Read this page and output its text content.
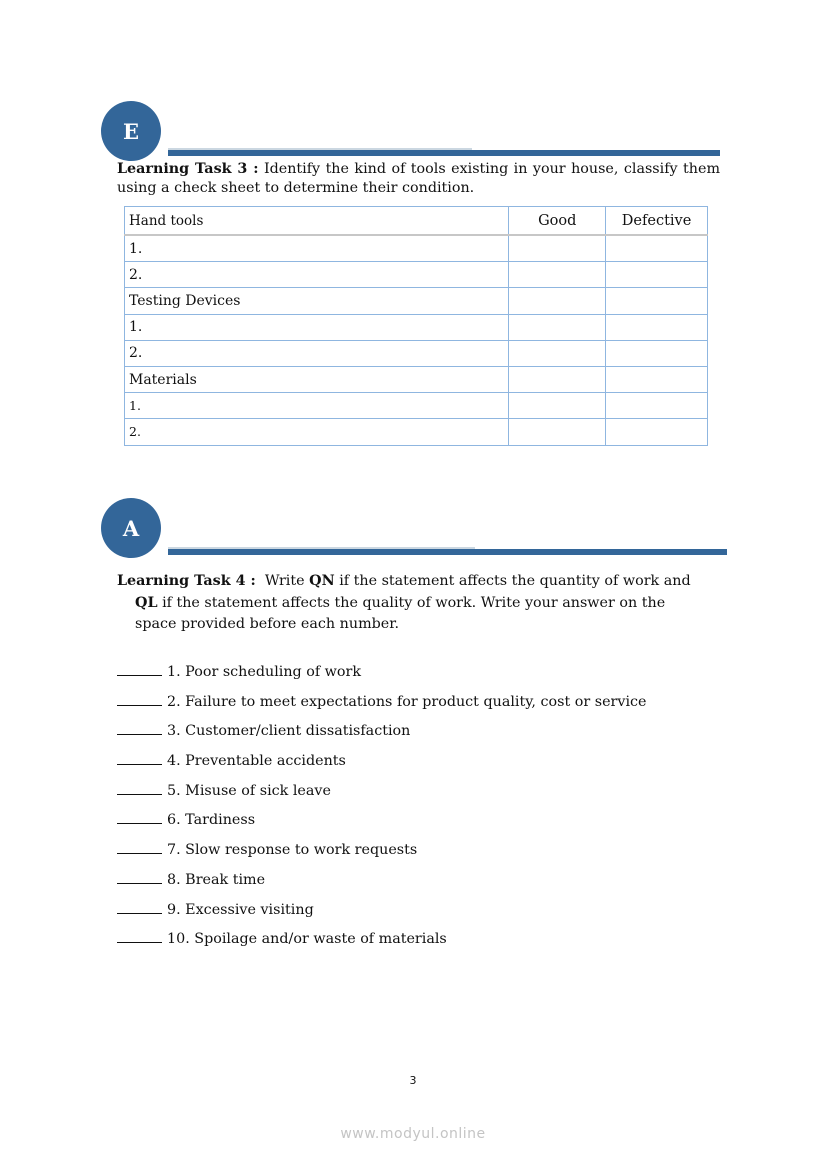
E
Learning Task 3 : Identify the kind of tools existing in your house, classify them using a check sheet to determine their condition.
Hand tools	Good	Defective
1.		
2.		
Testing Devices		
1.		
2.		
Materials		
1.		
2.		
A
Learning Task 4 : Write QN if the statement affects the quantity of work and
QL if the statement affects the quality of work. Write your answer on the
space provided before each number.
1. Poor scheduling of work
2. Failure to meet expectations for product quality, cost or service
3. Customer/client dissatisfaction
4. Preventable accidents
5. Misuse of sick leave
6. Tardiness
7. Slow response to work requests
8. Break time
9. Excessive visiting
10. Spoilage and/or waste of materials
3
www.modyul.online
